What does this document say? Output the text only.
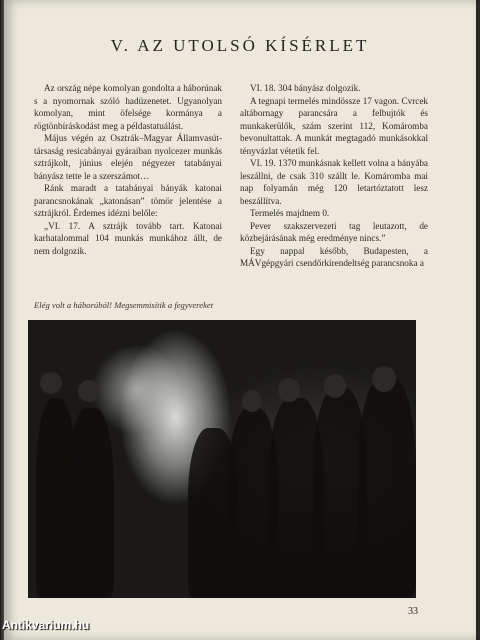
V. AZ UTOLSÓ KÍSÉRLET

Az ország népe komolyan gondolta a háborúnak s a nyomornak szóló hadüzenetet. Ugyanolyan komolyan, mint öfelsége kormánya a rögtönbíráskodást meg a példastatuálást.

Május végén az Osztrák–Magyar Államvasút-társaság resicabányai gyáraiban nyolcezer munkás sztrájkolt, június elején négyezer tatabányai bányász tette le a szerszámot…

Ránk maradt a tatabányai bányák katonai parancsnokának „katonásan” tömör jelentése a sztrájkról. Érdemes idézni belőle:

„VI. 17. A sztrájk tovább tart. Katonai karhatalommal 104 munkás munkához állt, de nem dolgozik.

VI. 18. 304 bányász dolgozik.

A tegnapi termelés mindössze 17 vagon. Cvrcek altábornagy parancsára a felbujtók és munkakerülők, szám szerint 112, Komáromba bevonultattak. A munkát megtagadó munkásokkal tényvázlat vétetik fel.

VI. 19. 1370 munkásnak kellett volna a bányába leszállni, de csak 310 szállt le. Komáromba mai nap folyamán még 120 letartóztatott lesz beszállítva.

Termelés majdnem 0.

Pever szakszervezeti tag leutazott, de közbejárásának még eredménye nincs.”

Egy nappal később, Budapesten, a MÁVgépgyári csendőrkirendeltség parancsnoka a

Elég volt a háborúból! Megsemmisítik a fegyvereket
33
Antikvarium.hu
